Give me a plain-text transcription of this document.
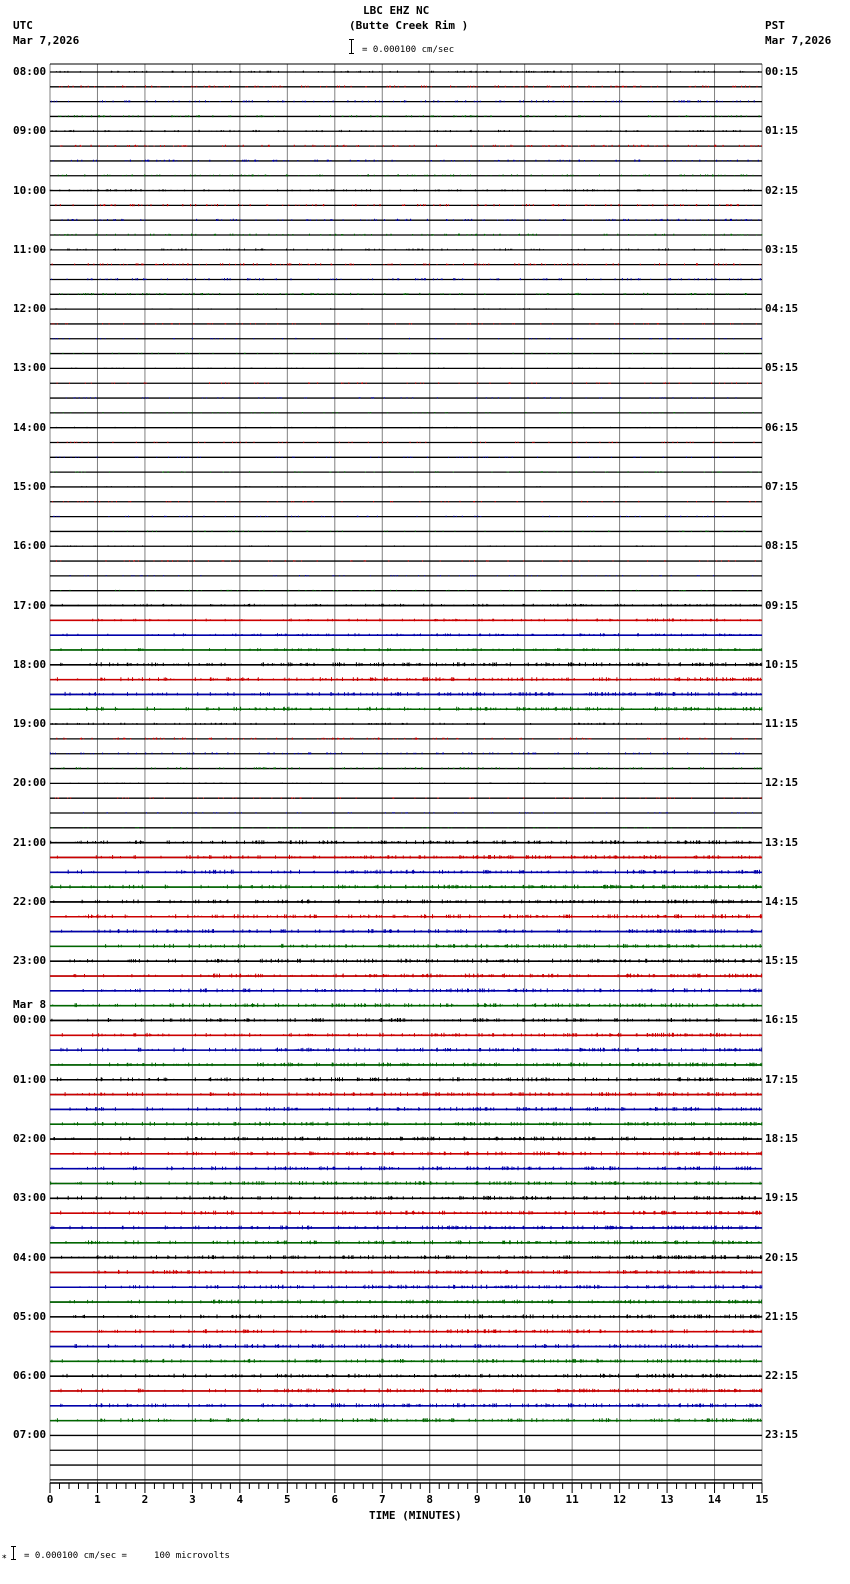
LBC EHZ NC
(Butte Creek Rim )
UTC
Mar 7,2026
PST
Mar 7,2026
= 0.000100 cm/sec
0	1	2	3	4	5	6	7	8	9	10	11	12	13	14	15
TIME (MINUTES)
⁎ = 0.000100 cm/sec =     100 microvolts
08:00
09:00
10:00
11:00
12:00
13:00
14:00
15:00
16:00
17:00
18:00
19:00
20:00
21:00
22:00
23:00
00:00
Mar 8
01:00
02:00
03:00
04:00
05:00
06:00
07:00
00:15
01:15
02:15
03:15
04:15
05:15
06:15
07:15
08:15
09:15
10:15
11:15
12:15
13:15
14:15
15:15
16:15
17:15
18:15
19:15
20:15
21:15
22:15
23:15
